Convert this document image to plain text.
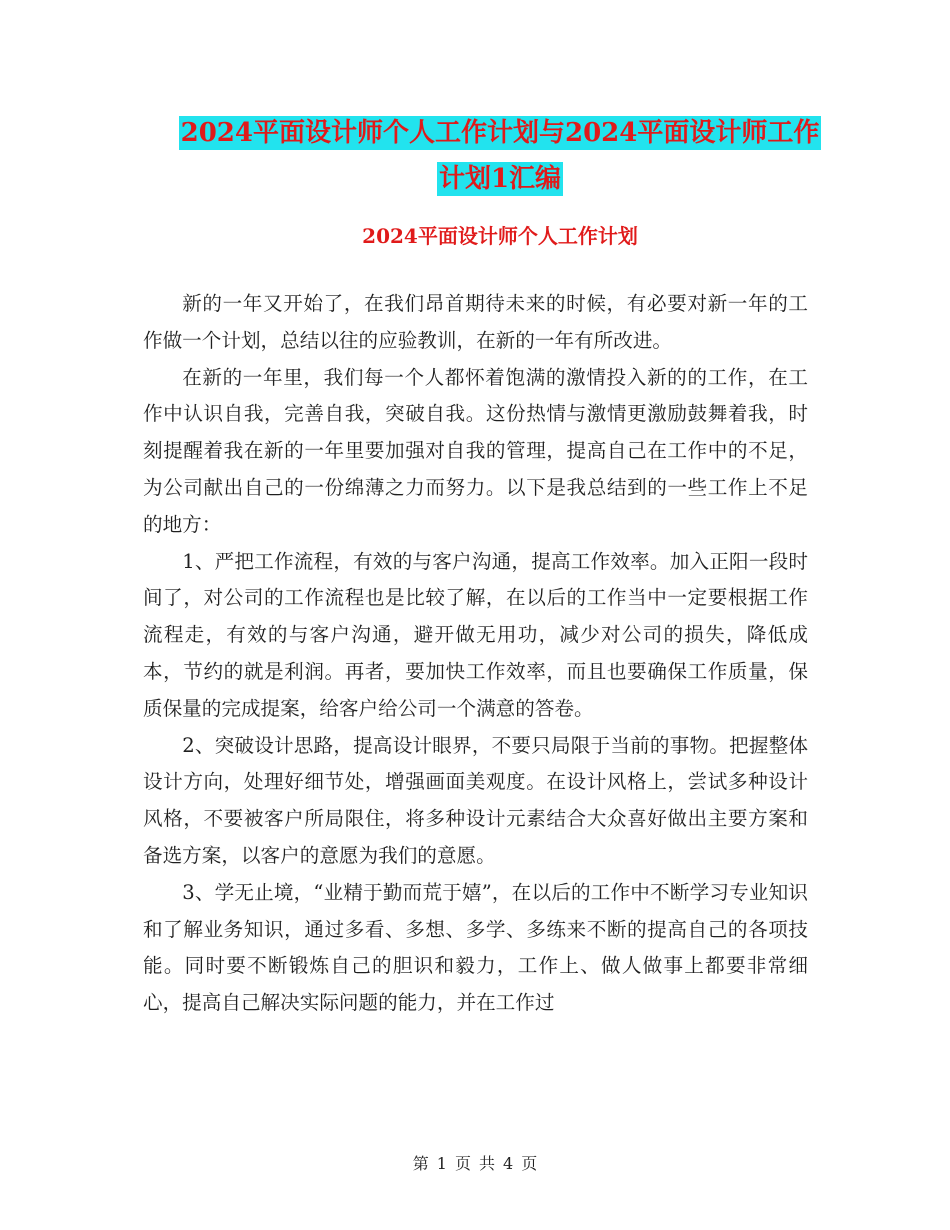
2024平面设计师个人工作计划与2024平面设计师工作
计划1汇编
2024平面设计师个人工作计划

新的一年又开始了，在我们昂首期待未来的时候，有必要对新一年的工作做一个计划，总结以往的应验教训，在新的一年有所改进。

在新的一年里，我们每一个人都怀着饱满的激情投入新的的工作，在工作中认识自我，完善自我，突破自我。这份热情与激情更激励鼓舞着我，时刻提醒着我在新的一年里要加强对自我的管理，提高自己在工作中的不足，为公司献出自己的一份绵薄之力而努力。以下是我总结到的一些工作上不足的地方：

1、严把工作流程，有效的与客户沟通，提高工作效率。加入正阳一段时间了，对公司的工作流程也是比较了解，在以后的工作当中一定要根据工作流程走，有效的与客户沟通，避开做无用功，减少对公司的损失，降低成本，节约的就是利润。再者，要加快工作效率，而且也要确保工作质量，保质保量的完成提案，给客户给公司一个满意的答卷。

2、突破设计思路，提高设计眼界，不要只局限于当前的事物。把握整体设计方向，处理好细节处，增强画面美观度。在设计风格上，尝试多种设计风格，不要被客户所局限住，将多种设计元素结合大众喜好做出主要方案和备选方案，以客户的意愿为我们的意愿。

3、学无止境，“业精于勤而荒于嬉”，在以后的工作中不断学习专业知识和了解业务知识，通过多看、多想、多学、多练来不断的提高自己的各项技能。同时要不断锻炼自己的胆识和毅力，工作上、做人做事上都要非常细心，提高自己解决实际问题的能力，并在工作过

第 1 页 共 4 页
